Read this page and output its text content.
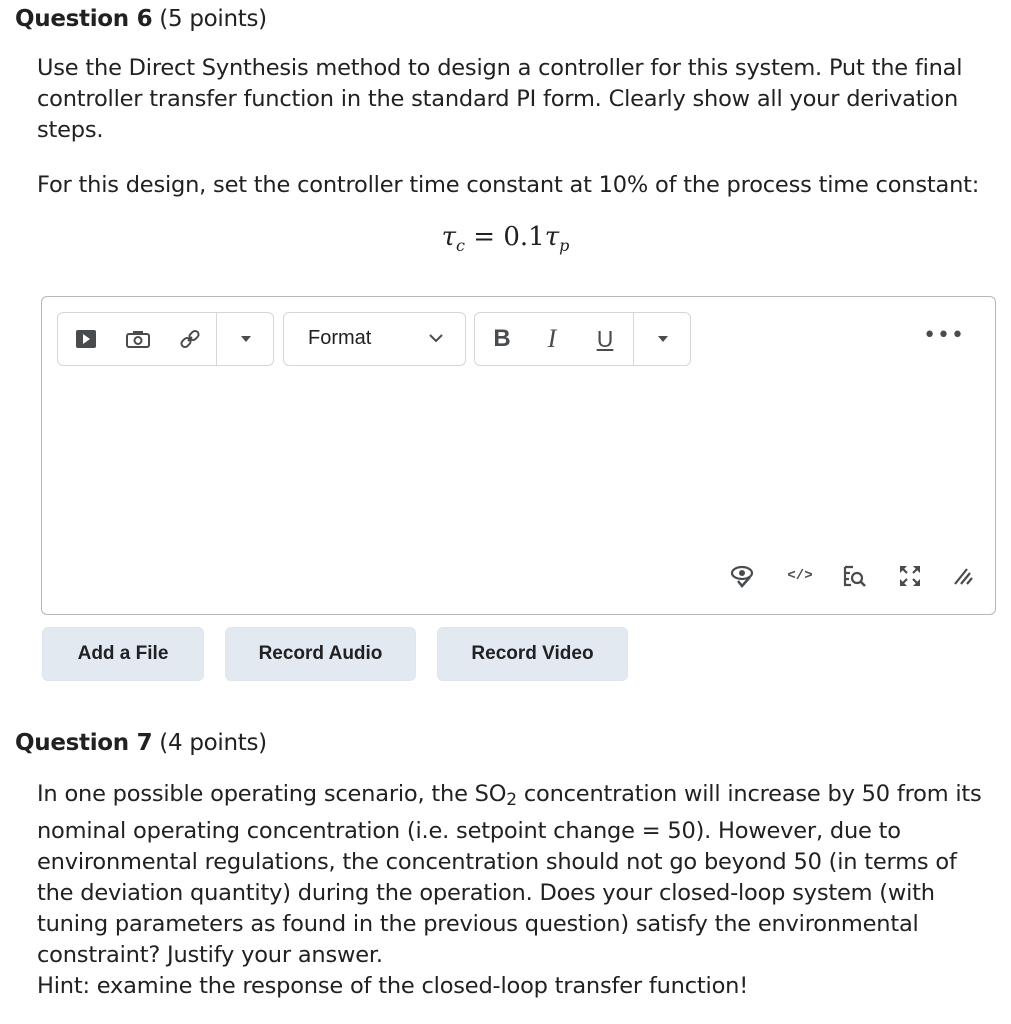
Question 6 (5 points)
Use the Direct Synthesis method to design a controller for this system. Put the final controller transfer function in the standard PI form. Clearly show all your derivation steps.
For this design, set the controller time constant at 10% of the process time constant:
$\tau_c = 0.1\tau_p$
Format	B I U	•••
</>
Add a File	Record Audio	Record Video
Question 7 (4 points)
In one possible operating scenario, the $SO_2$ concentration will increase by 50 from its nominal operating concentration (i.e. setpoint change = 50). However, due to environmental regulations, the concentration should not go beyond 50 (in terms of the deviation quantity) during the operation. Does your closed-loop system (with tuning parameters as found in the previous question) satisfy the environmental constraint? Justify your answer.
Hint: examine the response of the closed-loop transfer function!
